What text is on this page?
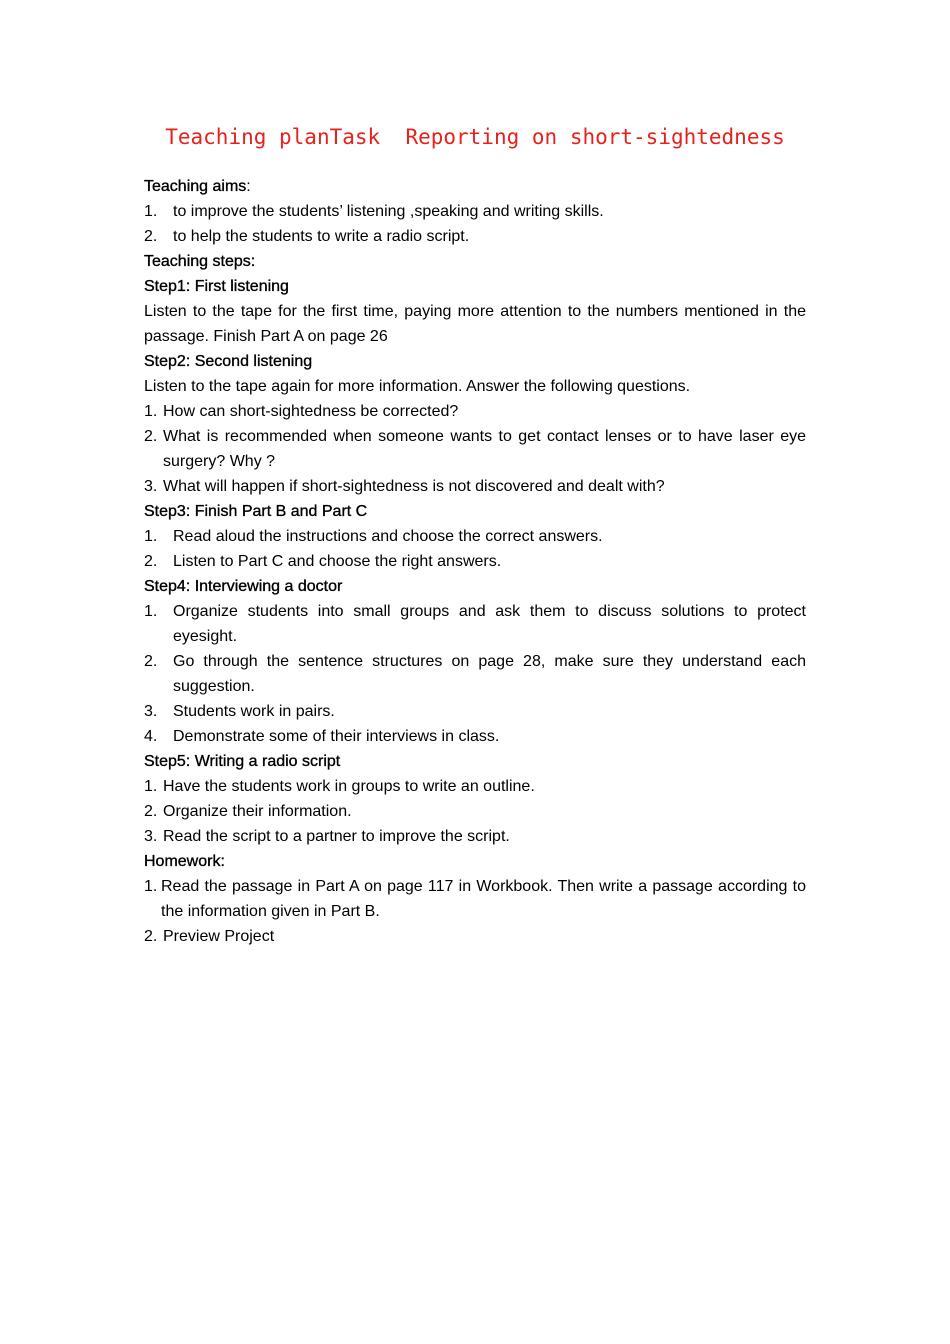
Teaching planTask  Reporting on short-sightedness

Teaching aims:

1. to improve the students’ listening ,speaking and writing skills.
2. to help the students to write a radio script.

Teaching steps:

Step1: First listening

Listen to the tape for the first time, paying more attention to the numbers mentioned in the passage. Finish Part A on page 26

Step2: Second listening

Listen to the tape again for more information. Answer the following questions.

1. How can short-sightedness be corrected?
2. What is recommended when someone wants to get contact lenses or to have laser eye surgery? Why ?
3. What will happen if short-sightedness is not discovered and dealt with?

Step3: Finish Part B and Part C

1. Read aloud the instructions and choose the correct answers.
2. Listen to Part C and choose the right answers.

Step4: Interviewing a doctor

1. Organize students into small groups and ask them to discuss solutions to protect eyesight.
2. Go through the sentence structures on page 28, make sure they understand each suggestion.
3. Students work in pairs.
4. Demonstrate some of their interviews in class.

Step5: Writing a radio script

1. Have the students work in groups to write an outline.
2. Organize their information.
3. Read the script to a partner to improve the script.

Homework:

1. Read the passage in Part A on page 117 in Workbook. Then write a passage according to the information given in Part B.
2. Preview Project
